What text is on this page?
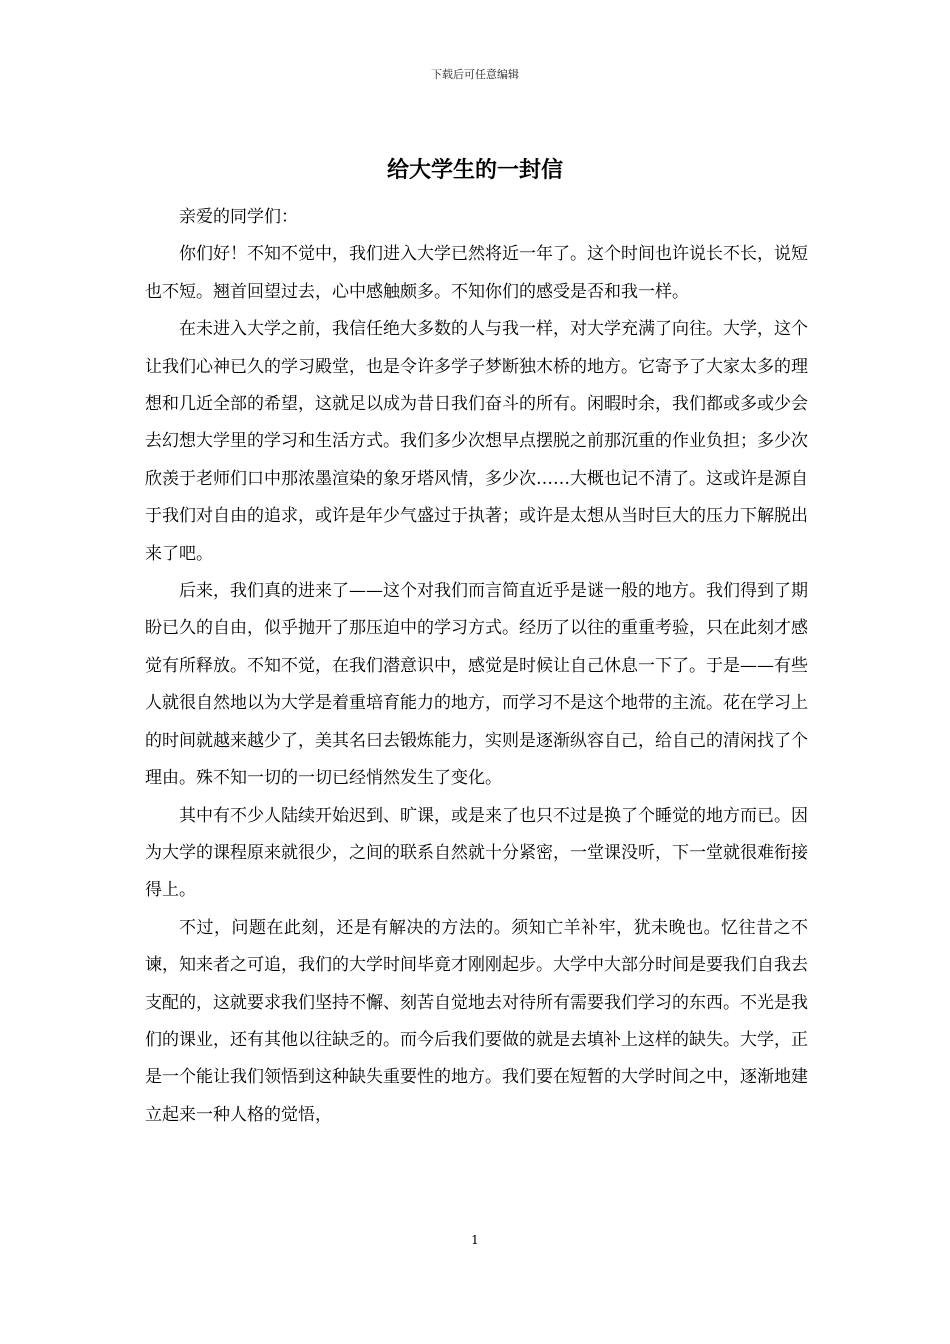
下载后可任意编辑
给大学生的一封信

亲爱的同学们：

你们好！不知不觉中，我们进入大学已然将近一年了。这个时间也许说长不长，说短也不短。翘首回望过去，心中感触颇多。不知你们的感受是否和我一样。

在未进入大学之前，我信任绝大多数的人与我一样，对大学充满了向往。大学，这个让我们心神已久的学习殿堂，也是令许多学子梦断独木桥的地方。它寄予了大家太多的理想和几近全部的希望，这就足以成为昔日我们奋斗的所有。闲暇时余，我们都或多或少会去幻想大学里的学习和生活方式。我们多少次想早点摆脱之前那沉重的作业负担；多少次欣羡于老师们口中那浓墨渲染的象牙塔风情，多少次……大概也记不清了。这或许是源自于我们对自由的追求，或许是年少气盛过于执著；或许是太想从当时巨大的压力下解脱出来了吧。

后来，我们真的进来了——这个对我们而言简直近乎是谜一般的地方。我们得到了期盼已久的自由，似乎抛开了那压迫中的学习方式。经历了以往的重重考验，只在此刻才感觉有所释放。不知不觉，在我们潜意识中，感觉是时候让自己休息一下了。于是——有些人就很自然地以为大学是着重培育能力的地方，而学习不是这个地带的主流。花在学习上的时间就越来越少了，美其名曰去锻炼能力，实则是逐渐纵容自己，给自己的清闲找了个理由。殊不知一切的一切已经悄然发生了变化。

其中有不少人陆续开始迟到、旷课，或是来了也只不过是换了个睡觉的地方而已。因为大学的课程原来就很少，之间的联系自然就十分紧密，一堂课没听，下一堂就很难衔接得上。

不过，问题在此刻，还是有解决的方法的。须知亡羊补牢，犹未晚也。忆往昔之不谏，知来者之可追，我们的大学时间毕竟才刚刚起步。大学中大部分时间是要我们自我去支配的，这就要求我们坚持不懈、刻苦自觉地去对待所有需要我们学习的东西。不光是我们的课业，还有其他以往缺乏的。而今后我们要做的就是去填补上这样的缺失。大学，正是一个能让我们领悟到这种缺失重要性的地方。我们要在短暂的大学时间之中，逐渐地建立起来一种人格的觉悟，

1
